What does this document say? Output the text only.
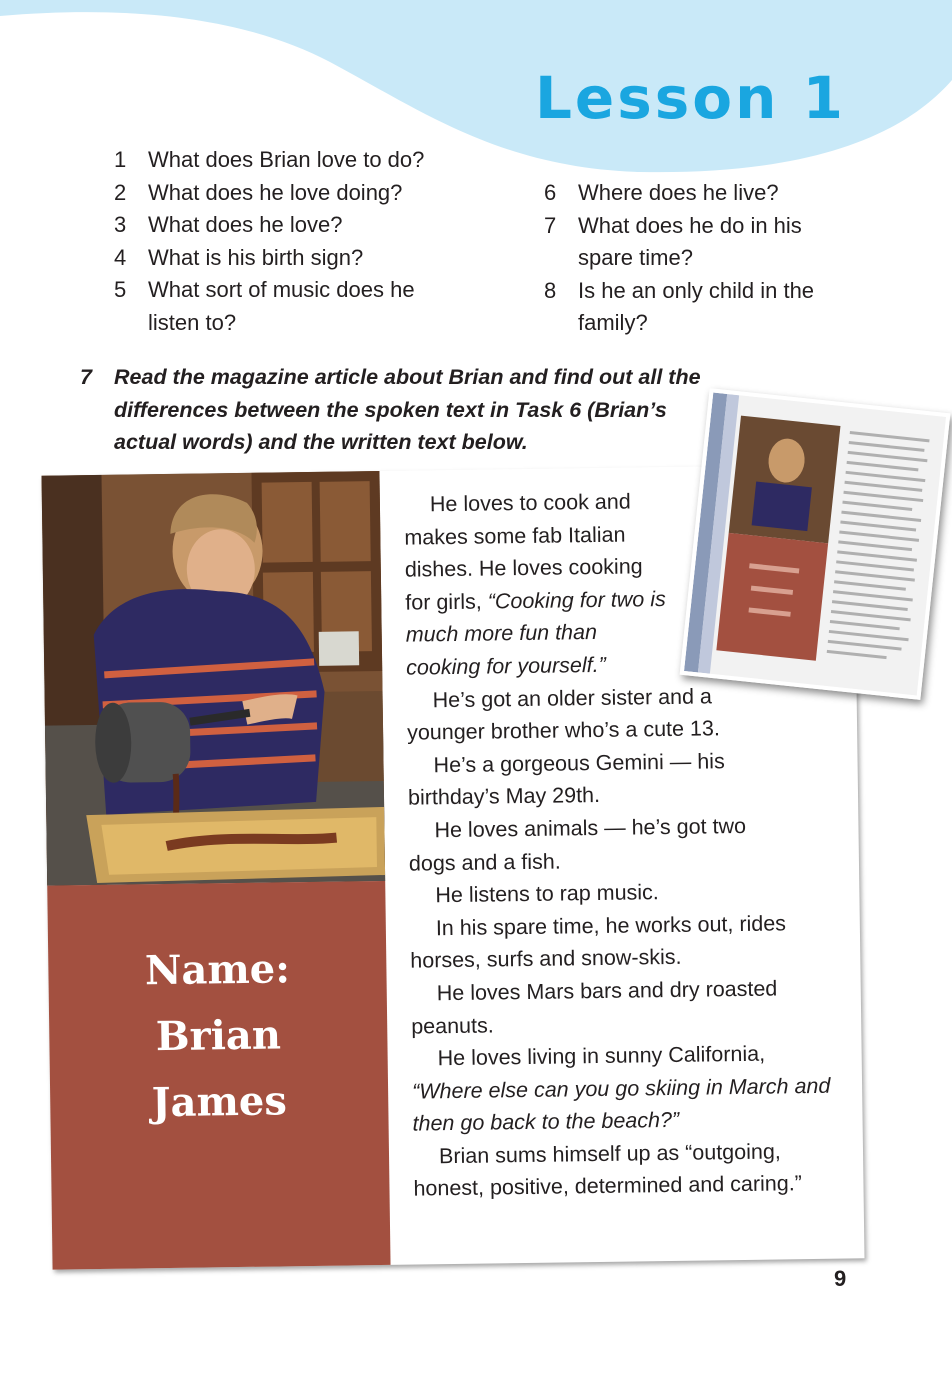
Lesson 1
1 What does Brian love to do?
2 What does he love doing?
3 What does he love?
4 What is his birth sign?
5 What sort of music does he listen to?
6 Where does he live?
7 What does he do in his spare time?
8 Is he an only child in the family?
7	Read the magazine article about Brian and find out all the differences between the spoken text in Task 6 (Brian’s actual words) and the written text below.
Name:
Brian
James

He loves to cook and makes some fab Italian dishes. He loves cooking for girls, “Cooking for two is much more fun than cooking for yourself.”

He’s got an older sister and a younger brother who’s a cute 13.

He’s a gorgeous Gemini — his birthday’s May 29th.

He loves animals — he’s got two dogs and a fish.

He listens to rap music.

In his spare time, he works out, rides horses, surfs and snow-skis.

He loves Mars bars and dry roasted peanuts.

He loves living in sunny California,
“Where else can you go skiing in March and then go back to the beach?”

Brian sums himself up as “outgoing, honest, positive, determined and caring.”

9
